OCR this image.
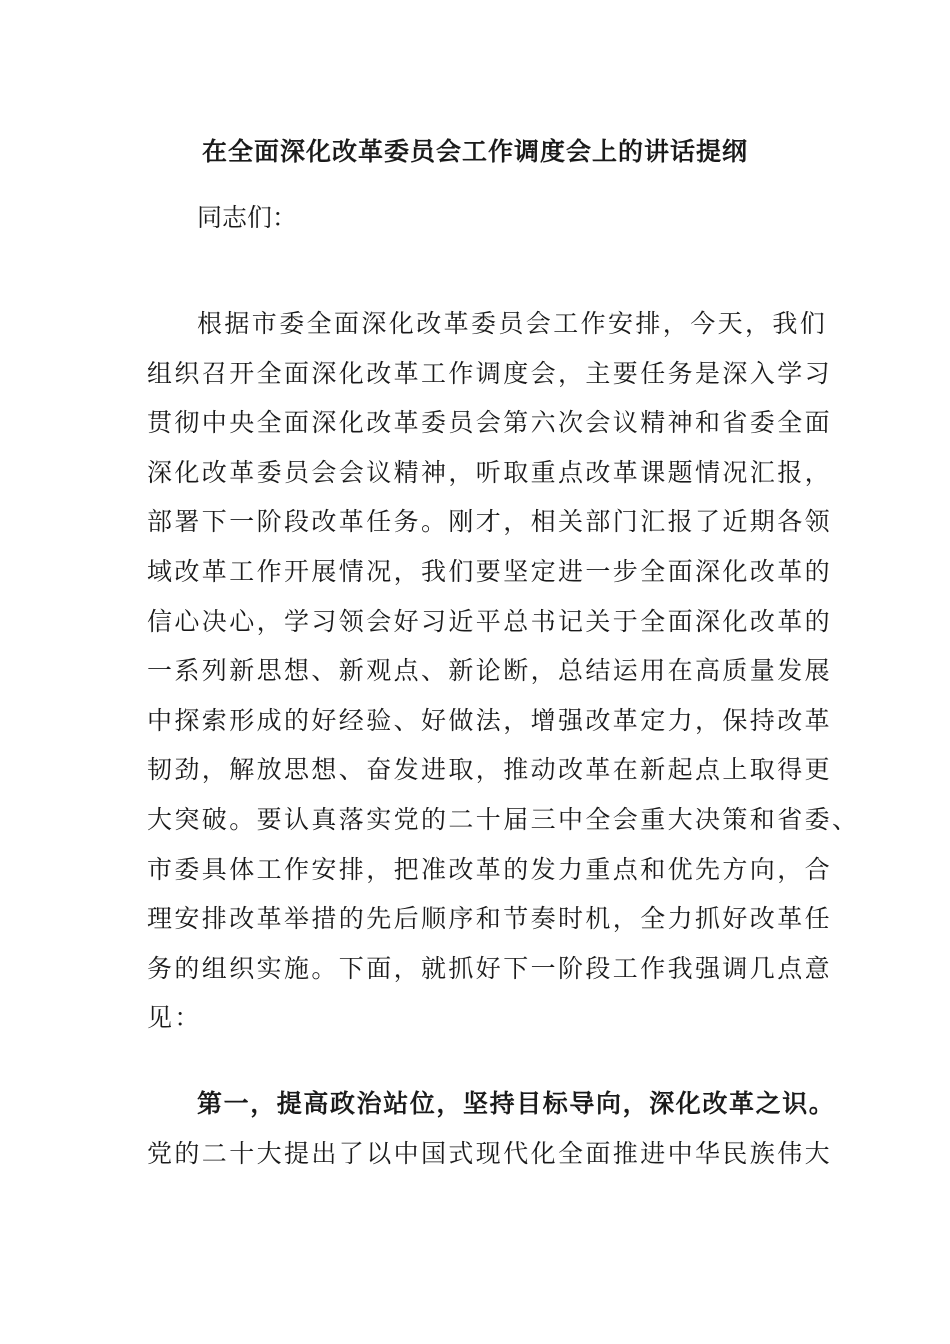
在全面深化改革委员会工作调度会上的讲话提纲
同志们：
根据市委全面深化改革委员会工作安排，今天，我们
组织召开全面深化改革工作调度会，主要任务是深入学习
贯彻中央全面深化改革委员会第六次会议精神和省委全面
深化改革委员会会议精神，听取重点改革课题情况汇报，
部署下一阶段改革任务。刚才，相关部门汇报了近期各领
域改革工作开展情况，我们要坚定进一步全面深化改革的
信心决心，学习领会好习近平总书记关于全面深化改革的
一系列新思想、新观点、新论断，总结运用在高质量发展
中探索形成的好经验、好做法，增强改革定力，保持改革
韧劲，解放思想、奋发进取，推动改革在新起点上取得更
大突破。要认真落实党的二十届三中全会重大决策和省委、
市委具体工作安排，把准改革的发力重点和优先方向，合
理安排改革举措的先后顺序和节奏时机，全力抓好改革任
务的组织实施。下面，就抓好下一阶段工作我强调几点意
见：
第一，提高政治站位，坚持目标导向，深化改革之识。
党的二十大提出了以中国式现代化全面推进中华民族伟大
